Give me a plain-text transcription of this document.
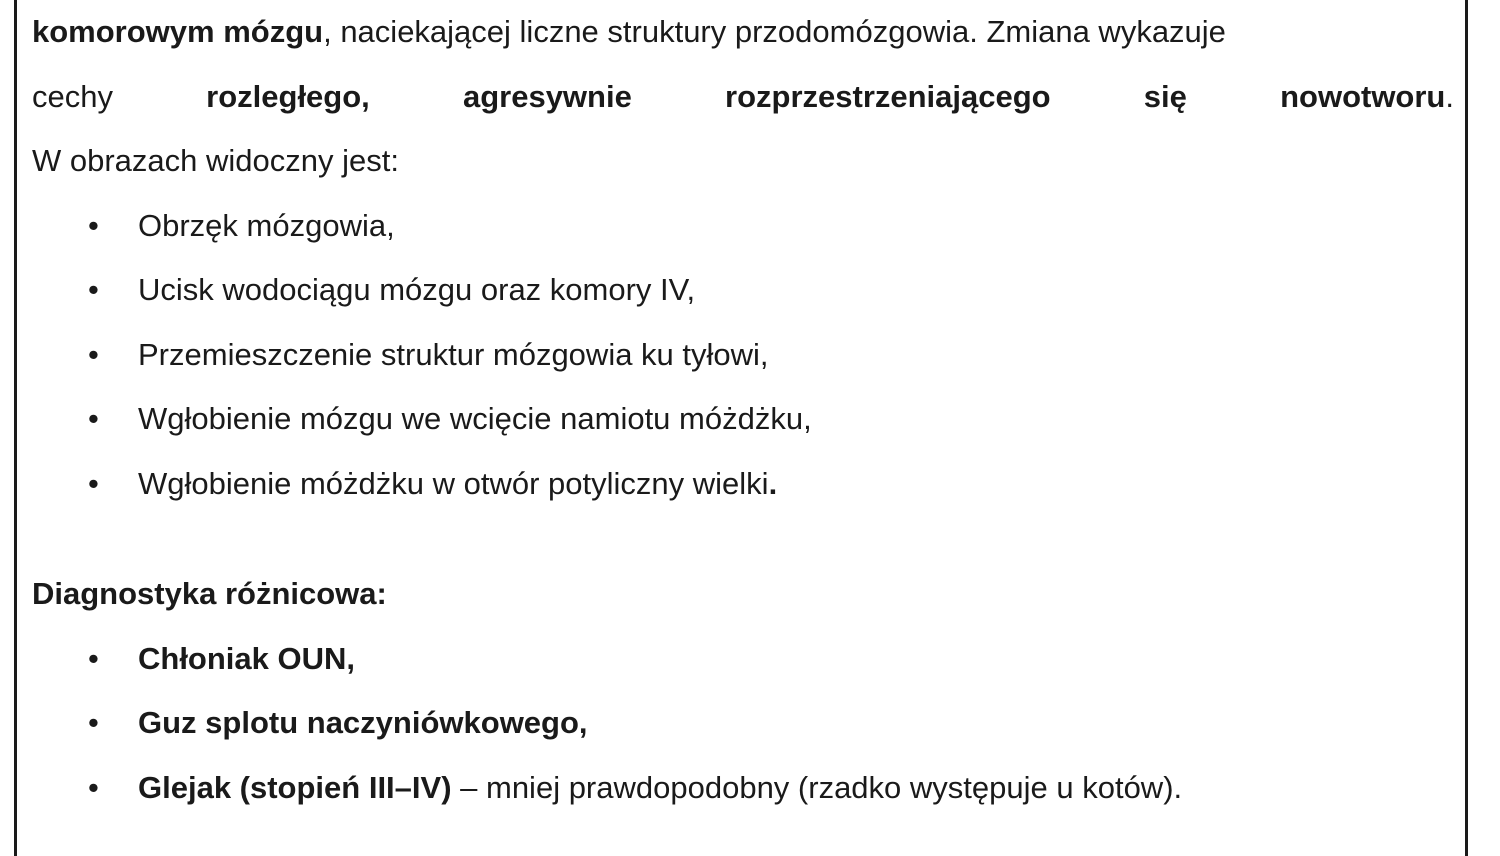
komorowym mózgu, naciekającej liczne struktury przodomózgowia. Zmiana wykazuje
cechy	rozległego,	agresywnie	rozprzestrzeniającego	się	nowotworu.
W obrazach widoczny jest:
• Obrzęk mózgowia,
• Ucisk wodociągu mózgu oraz komory IV,
• Przemieszczenie struktur mózgowia ku tyłowi,
• Wgłobienie mózgu we wcięcie namiotu móżdżku,
• Wgłobienie móżdżku w otwór potyliczny wielki.
Diagnostyka różnicowa:
• Chłoniak OUN,
• Guz splotu naczyniówkowego,
• Glejak (stopień III–IV) – mniej prawdopodobny (rzadko występuje u kotów).
